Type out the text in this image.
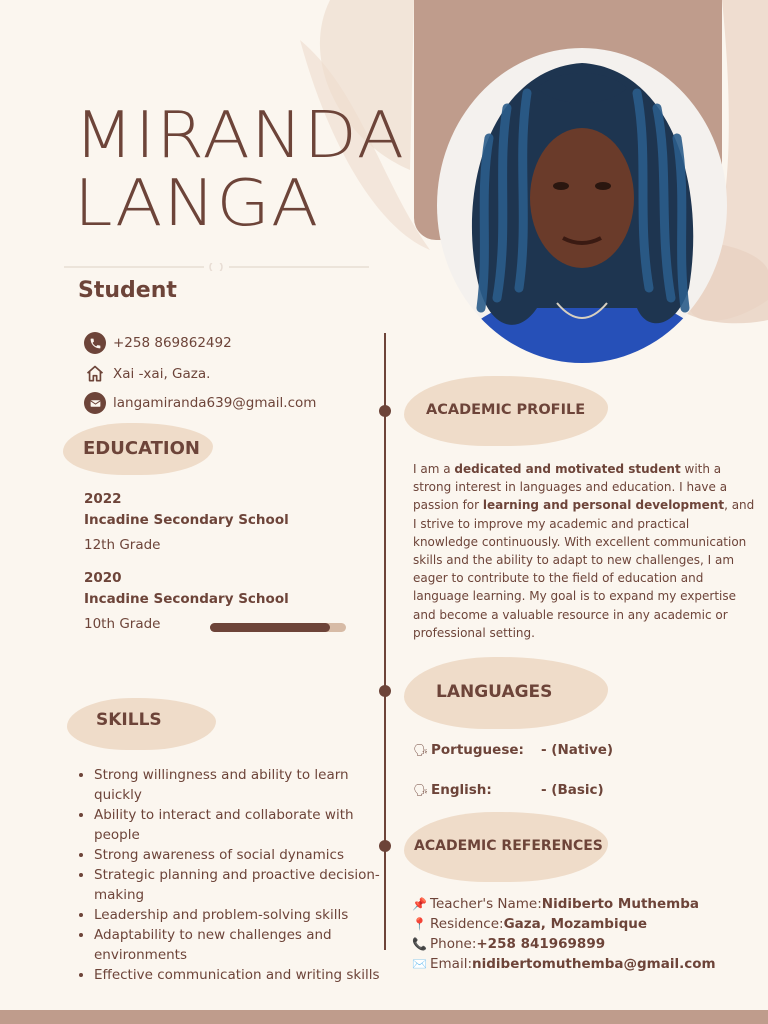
MIRANDA
LANGA
Student
+258 869862492
Xai -xai, Gaza.
langamiranda639@gmail.com
EDUCATION
2022
Incadine Secondary School
12th Grade
2020
Incadine Secondary School
10th Grade
SKILLS
• Strong willingness and ability to learn quickly
• Ability to interact and collaborate with people
• Strong awareness of social dynamics
• Strategic planning and proactive decision-making
• Leadership and problem-solving skills
• Adaptability to new challenges and environments
• Effective communication and writing skills
ACADEMIC PROFILE
I am a dedicated and motivated student with a strong interest in languages and education. I have a passion for learning and personal development, and I strive to improve my academic and practical knowledge continuously. With excellent communication skills and the ability to adapt to new challenges, I am eager to contribute to the field of education and language learning. My goal is to expand my expertise and become a valuable resource in any academic or professional setting.
LANGUAGES
🗣 Portuguese:	- (Native)
🗣 English:	- (Basic)
ACADEMIC REFERENCES
📌 Teacher's Name: Nidiberto Muthemba
📍 Residence: Gaza, Mozambique
📞 Phone: +258 841969899
✉️ Email: nidibertomuthemba@gmail.com
